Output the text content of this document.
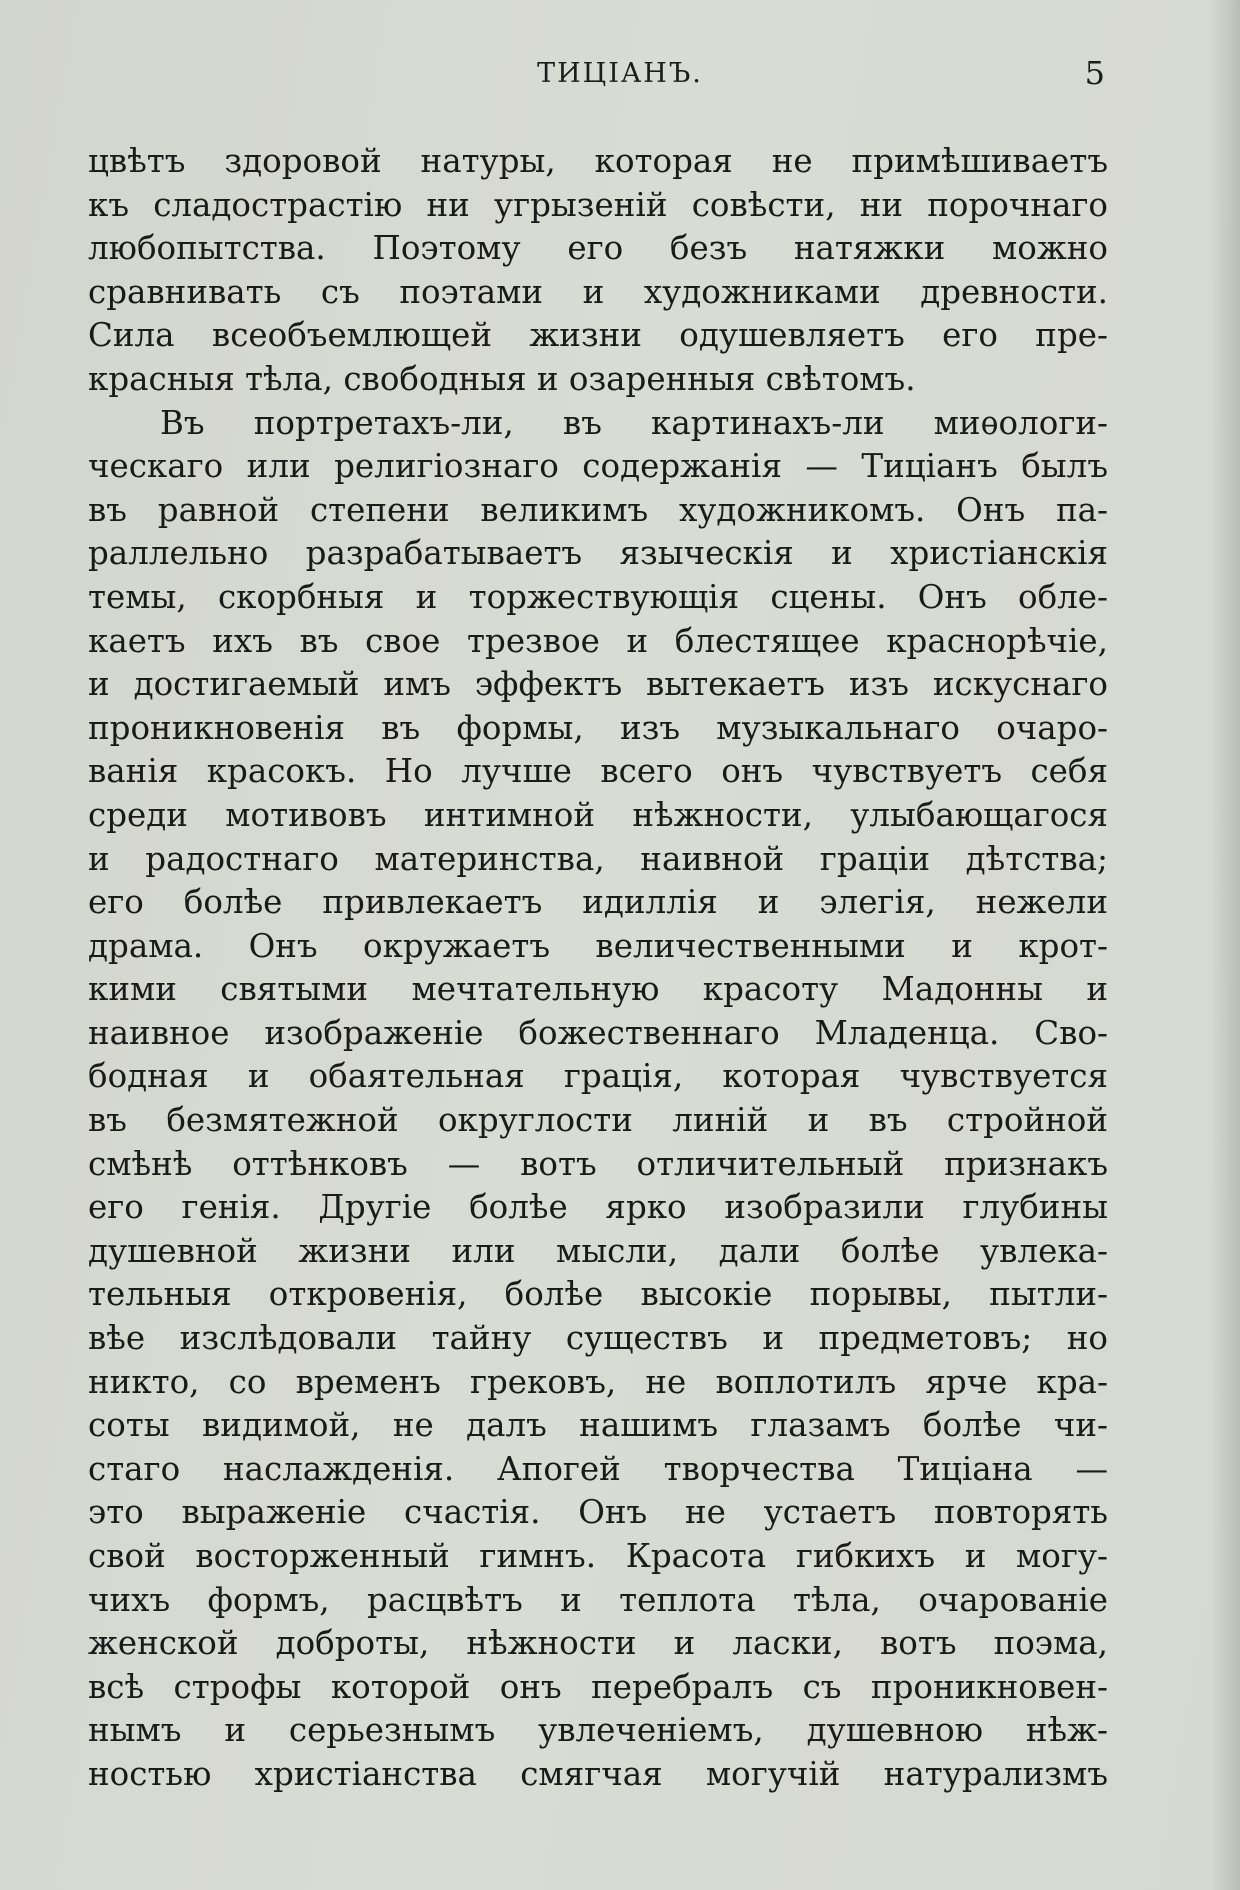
ТИЦIАНЪ.	5
цвѣтъ здоровой натуры, которая не примѣшиваетъ
къ сладострастiю ни угрызенiй совѣсти, ни порочнаго
любопытства. Поэтому его безъ натяжки можно
сравнивать съ поэтами и художниками древности.
Сила всеобъемлющей жизни одушевляетъ его пре-
красныя тѣла, свободныя и озаренныя свѣтомъ.
Въ портретахъ-ли, въ картинахъ-ли миѳологи-
ческаго или религiознаго содержанiя — Тицiанъ былъ
въ равной степени великимъ художникомъ. Онъ па-
раллельно разрабатываетъ языческiя и христiанскiя
темы, скорбныя и торжествующiя сцены. Онъ обле-
каетъ ихъ въ свое трезвое и блестящее краснорѣчiе,
и достигаемый имъ эффектъ вытекаетъ изъ искуснаго
проникновенiя въ формы, изъ музыкальнаго очаро-
ванiя красокъ. Но лучше всего онъ чувствуетъ себя
среди мотивовъ интимной нѣжности, улыбающагося
и радостнаго материнства, наивной грацiи дѣтства;
его болѣе привлекаетъ идиллiя и элегiя, нежели
драма. Онъ окружаетъ величественными и крот-
кими святыми мечтательную красоту Мадонны и
наивное изображенiе божественнаго Младенца. Сво-
бодная и обаятельная грацiя, которая чувствуется
въ безмятежной округлости линiй и въ стройной
смѣнѣ оттѣнковъ — вотъ отличительный признакъ
его генiя. Другiе болѣе ярко изобразили глубины
душевной жизни или мысли, дали болѣе увлека-
тельныя откровенiя, болѣе высокiе порывы, пытли-
вѣе изслѣдовали тайну существъ и предметовъ; но
никто, со временъ грековъ, не воплотилъ ярче кра-
соты видимой, не далъ нашимъ глазамъ болѣе чи-
стаго наслажденiя. Апогей творчества Тицiана —
это выраженiе счастiя. Онъ не устаетъ повторять
свой восторженный гимнъ. Красота гибкихъ и могу-
чихъ формъ, расцвѣтъ и теплота тѣла, очарованiе
женской доброты, нѣжности и ласки, вотъ поэма,
всѣ строфы которой онъ перебралъ съ проникновен-
нымъ и серьезнымъ увлеченiемъ, душевною нѣж-
ностью христiанства смягчая могучiй натурализмъ
